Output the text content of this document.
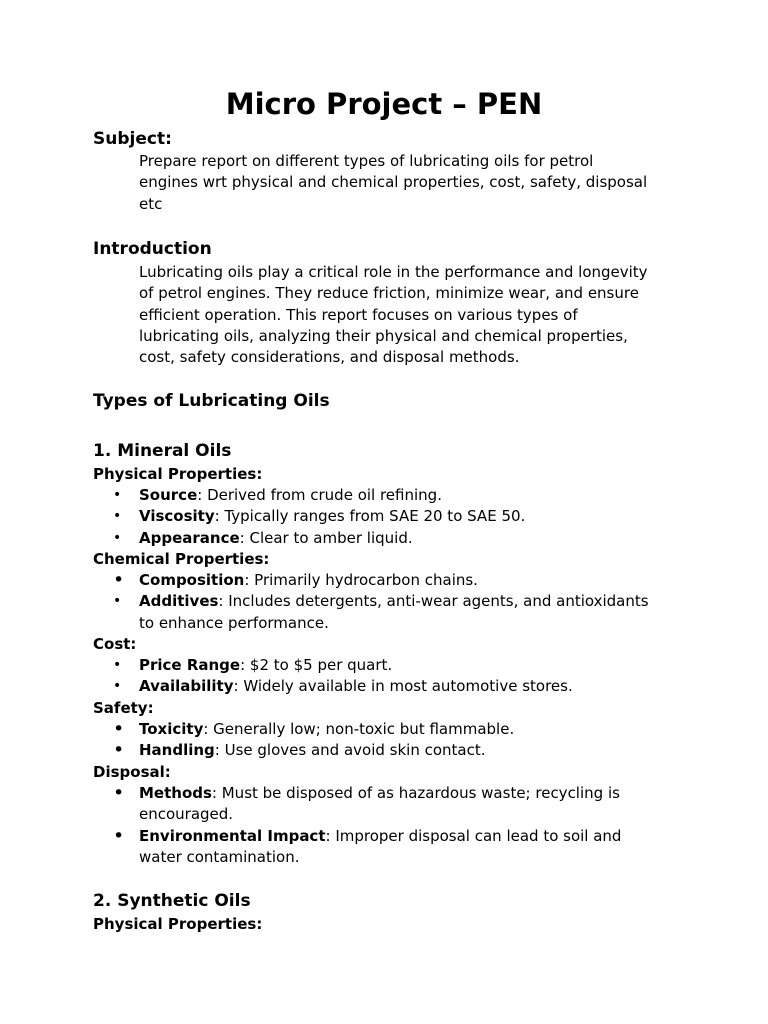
Micro Project – PEN
Subject:
Prepare report on different types of lubricating oils for petrol
engines wrt physical and chemical properties, cost, safety, disposal
etc
Introduction
Lubricating oils play a critical role in the performance and longevity
of petrol engines. They reduce friction, minimize wear, and ensure
efficient operation. This report focuses on various types of
lubricating oils, analyzing their physical and chemical properties,
cost, safety considerations, and disposal methods.
Types of Lubricating Oils
1. Mineral Oils
Physical Properties:
• Source: Derived from crude oil refining.
• Viscosity: Typically ranges from SAE 20 to SAE 50.
• Appearance: Clear to amber liquid.
Chemical Properties:
• Composition: Primarily hydrocarbon chains.
• Additives: Includes detergents, anti-wear agents, and antioxidants
to enhance performance.
Cost:
• Price Range: $2 to $5 per quart.
• Availability: Widely available in most automotive stores.
Safety:
• Toxicity: Generally low; non-toxic but flammable.
• Handling: Use gloves and avoid skin contact.
Disposal:
• Methods: Must be disposed of as hazardous waste; recycling is
encouraged.
• Environmental Impact: Improper disposal can lead to soil and
water contamination.
2. Synthetic Oils
Physical Properties:
